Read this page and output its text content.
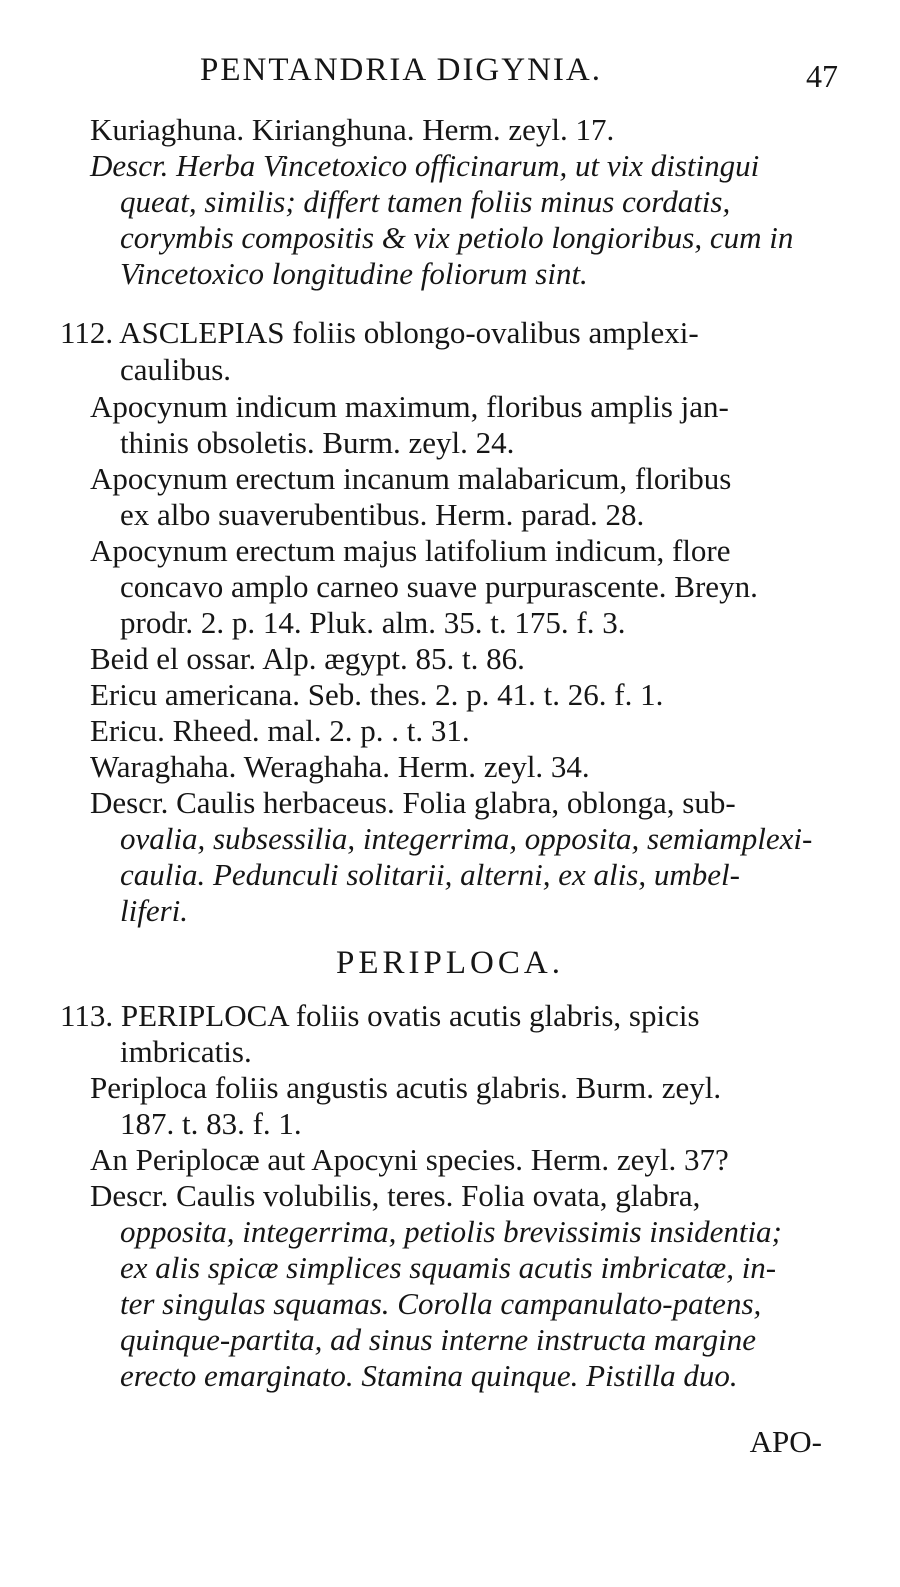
PENTANDRIA DIGYNIA.	47
Kuriaghuna. Kirianghuna. Herm. zeyl. 17.
Descr. Herba Vincetoxico officinarum, ut vix distingui
queat, similis; differt tamen foliis minus cordatis,
corymbis compositis & vix petiolo longioribus, cum in
Vincetoxico longitudine foliorum sint.
112. ASCLEPIAS foliis oblongo-ovalibus amplexi-
caulibus.
Apocynum indicum maximum, floribus amplis jan-
thinis obsoletis. Burm. zeyl. 24.
Apocynum erectum incanum malabaricum, floribus
ex albo suaverubentibus. Herm. parad. 28.
Apocynum erectum majus latifolium indicum, flore
concavo amplo carneo suave purpurascente. Breyn.
prodr. 2. p. 14. Pluk. alm. 35. t. 175. f. 3.
Beid el ossar. Alp. ægypt. 85. t. 86.
Ericu americana. Seb. thes. 2. p. 41. t. 26. f. 1.
Ericu. Rheed. mal. 2. p. . t. 31.
Waraghaha. Weraghaha. Herm. zeyl. 34.
Descr. Caulis herbaceus. Folia glabra, oblonga, sub-
ovalia, subsessilia, integerrima, opposita, semiamplexi-
caulia. Pedunculi solitarii, alterni, ex alis, umbel-
liferi.
PERIPLOCA.
113. PERIPLOCA foliis ovatis acutis glabris, spicis
imbricatis.
Periploca foliis angustis acutis glabris. Burm. zeyl.
187. t. 83. f. 1.
An Periplocæ aut Apocyni species. Herm. zeyl. 37?
Descr. Caulis volubilis, teres. Folia ovata, glabra,
opposita, integerrima, petiolis brevissimis insidentia;
ex alis spicæ simplices squamis acutis imbricatæ, in-
ter singulas squamas. Corolla campanulato-patens,
quinque-partita, ad sinus interne instructa margine
erecto emarginato. Stamina quinque. Pistilla duo.
APO-
